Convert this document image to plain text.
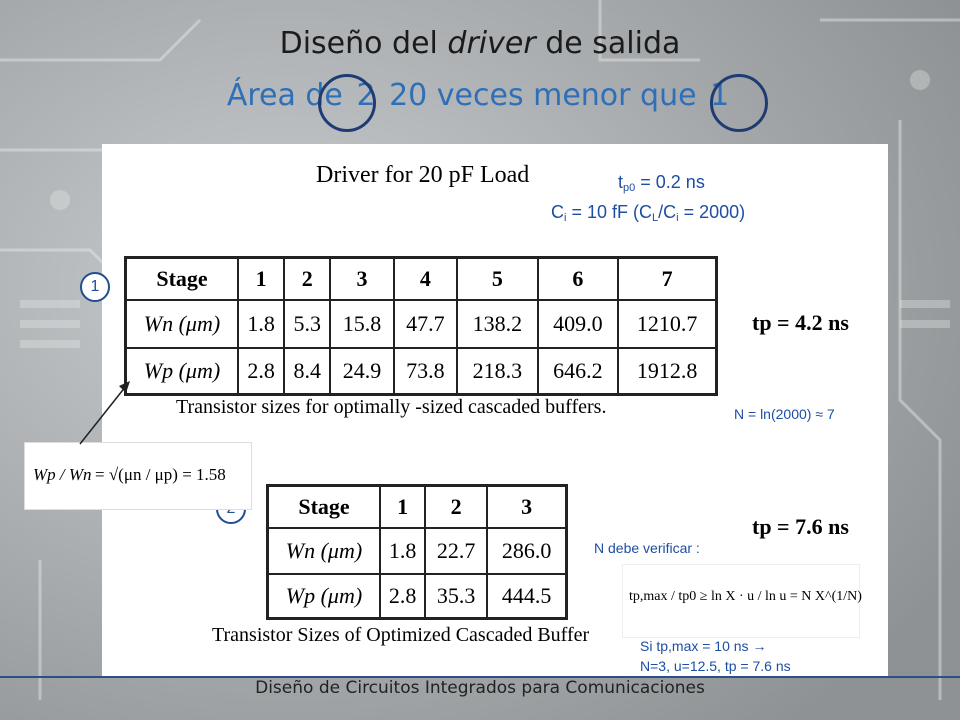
Diseño del driver de salida
Área de 2 20 veces menor que 1
Driver for 20 pF Load	$t_{p0} = 0.2$ ns
$C_i = 10$ fF $(C_L/C_i = 2000)$
Stage	1	2	3	4	5	6	7
Wn (μm)	1.8	5.3	15.8	47.7	138.2	409.0	1210.7
Wp (μm)	2.8	8.4	24.9	73.8	218.3	646.2	1912.8
Transistor sizes for optimally -sized cascaded buffers.
tp = 4.2 ns
N = ln(2000) ≈ 7
Stage	1	2	3
Wn (μm)	1.8	22.7	286.0
Wp (μm)	2.8	35.3	444.5
Transistor Sizes of Optimized Cascaded Buffer
tp = 7.6 ns
N debe verificar :
tp,max / tp0 ≥ ln X · u / ln u = N X^(1/N)
Si tp,max = 10 ns →
N=3, u=12.5, tp = 7.6 ns
1
Wp / Wn = √(μn / μp) = 1.58
Diseño de Circuitos Integrados para Comunicaciones
